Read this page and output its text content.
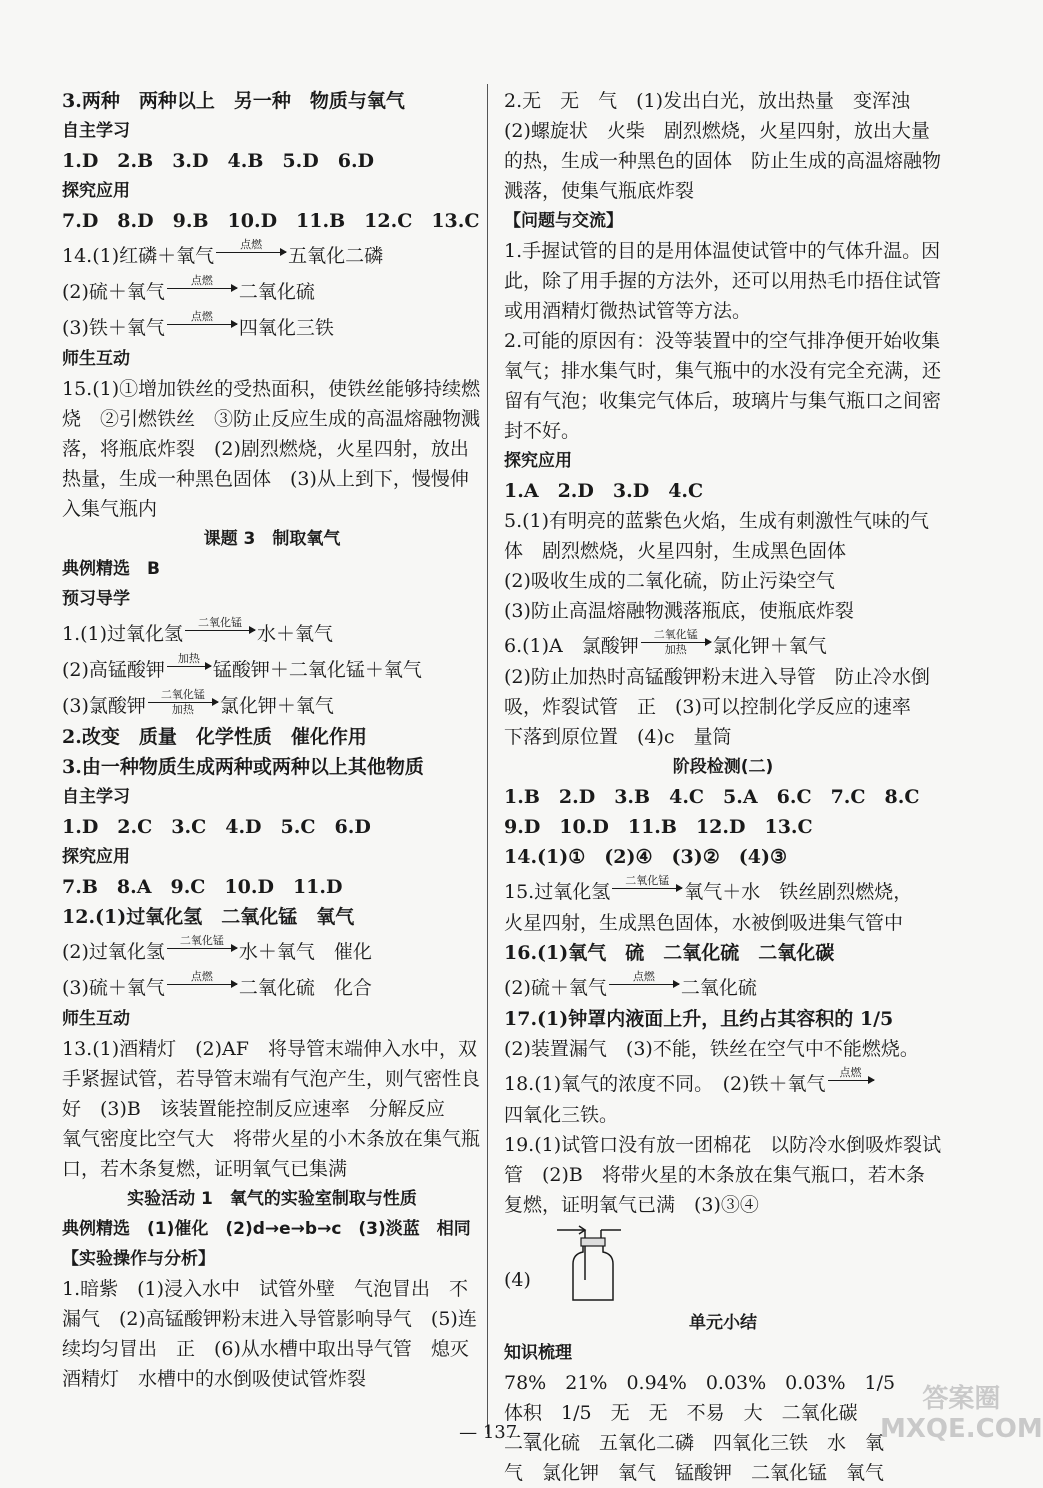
3.两种　两种以上　另一种　物质与氧气
自主学习
1.D　2.B　3.D　4.B　5.D　6.D
探究应用
7.D　8.D　9.B　10.D　11.B　12.C　13.C
14.(1)红磷＋氧气
点燃
五氧化二磷
(2)硫＋氧气
点燃
二氧化硫
(3)铁＋氧气
点燃
四氧化三铁
师生互动
15.(1)①增加铁丝的受热面积，使铁丝能够持续燃烧　②引燃铁丝　③防止反应生成的高温熔融物溅落，将瓶底炸裂　(2)剧烈燃烧，火星四射，放出热量，生成一种黑色固体　(3)从上到下，慢慢伸入集气瓶内
课题 3　制取氧气
典例精选　B
预习导学
1.(1)过氧化氢
二氧化锰
水＋氧气
(2)高锰酸钾
加热
锰酸钾＋二氧化锰＋氧气
(3)氯酸钾
二氧化锰
加热	氯化钾＋氧气
2.改变　质量　化学性质　催化作用
3.由一种物质生成两种或两种以上其他物质
自主学习
1.D　2.C　3.C　4.D　5.C　6.D
探究应用
7.B　8.A　9.C　10.D　11.D
12.(1)过氧化氢　二氧化锰　氧气
(2)过氧化氢
二氧化锰
水＋氧气　催化
(3)硫＋氧气
点燃
二氧化硫　化合
师生互动
13.(1)酒精灯　(2)AF　将导管末端伸入水中，双手紧握试管，若导管末端有气泡产生，则气密性良好　(3)B　该装置能控制反应速率　分解反应　氧气密度比空气大　将带火星的小木条放在集气瓶口，若木条复燃，证明氧气已集满
实验活动 1　氧气的实验室制取与性质
典例精选　(1)催化　(2)d→e→b→c　(3)淡蓝　相同
【实验操作与分析】
1.暗紫　(1)浸入水中　试管外壁　气泡冒出　不漏气　(2)高锰酸钾粉末进入导管影响导气　(5)连续均匀冒出　正　(6)从水槽中取出导气管　熄灭酒精灯　水槽中的水倒吸使试管炸裂
2.无　无　气　(1)发出白光，放出热量　变浑浊　(2)螺旋状　火柴　剧烈燃烧，火星四射，放出大量的热，生成一种黑色的固体　防止生成的高温熔融物溅落，使集气瓶底炸裂
【问题与交流】
1.手握试管的目的是用体温使试管中的气体升温。因此，除了用手握的方法外，还可以用热毛巾捂住试管或用酒精灯微热试管等方法。
2.可能的原因有：没等装置中的空气排净便开始收集氧气；排水集气时，集气瓶中的水没有完全充满，还留有气泡；收集完气体后，玻璃片与集气瓶口之间密封不好。
探究应用
1.A　2.D　3.D　4.C
5.(1)有明亮的蓝紫色火焰，生成有刺激性气味的气体　剧烈燃烧，火星四射，生成黑色固体
(2)吸收生成的二氧化硫，防止污染空气
(3)防止高温熔融物溅落瓶底，使瓶底炸裂
6.(1)A　氯酸钾
二氧化锰
加热	氯化钾＋氧气
(2)防止加热时高锰酸钾粉末进入导管　防止冷水倒吸，炸裂试管　正　(3)可以控制化学反应的速率　下落到原位置　(4)c　量筒
阶段检测(二)
1.B　2.D　3.B　4.C　5.A　6.C　7.C　8.C
9.D　10.D　11.B　12.D　13.C
14.(1)①　(2)④　(3)②　(4)③
15.过氧化氢
二氧化锰
氧气＋水　铁丝剧烈燃烧，
火星四射，生成黑色固体，水被倒吸进集气管中
16.(1)氧气　硫　二氧化硫　二氧化碳
(2)硫＋氧气
点燃
二氧化硫
17.(1)钟罩内液面上升，且约占其容积的 1/5
(2)装置漏气　(3)不能，铁丝在空气中不能燃烧。
18.(1)氧气的浓度不同。　(2)铁＋氧气
点燃
四氧化三铁。
19.(1)试管口没有放一团棉花　以防冷水倒吸炸裂试管　(2)B　将带火星的木条放在集气瓶口，若木条复燃，证明氧气已满　(3)③④
(4)
单元小结
知识梳理
78%　21%　0.94%　0.03%　0.03%　1/5
体积　1/5　无　无　不易　大　二氧化碳
二氧化硫　五氧化二磷　四氧化三铁　水　氧
气　氯化钾　氧气　锰酸钾　二氧化锰　氧气
— 137 —
答案圈 MXQE.COM
